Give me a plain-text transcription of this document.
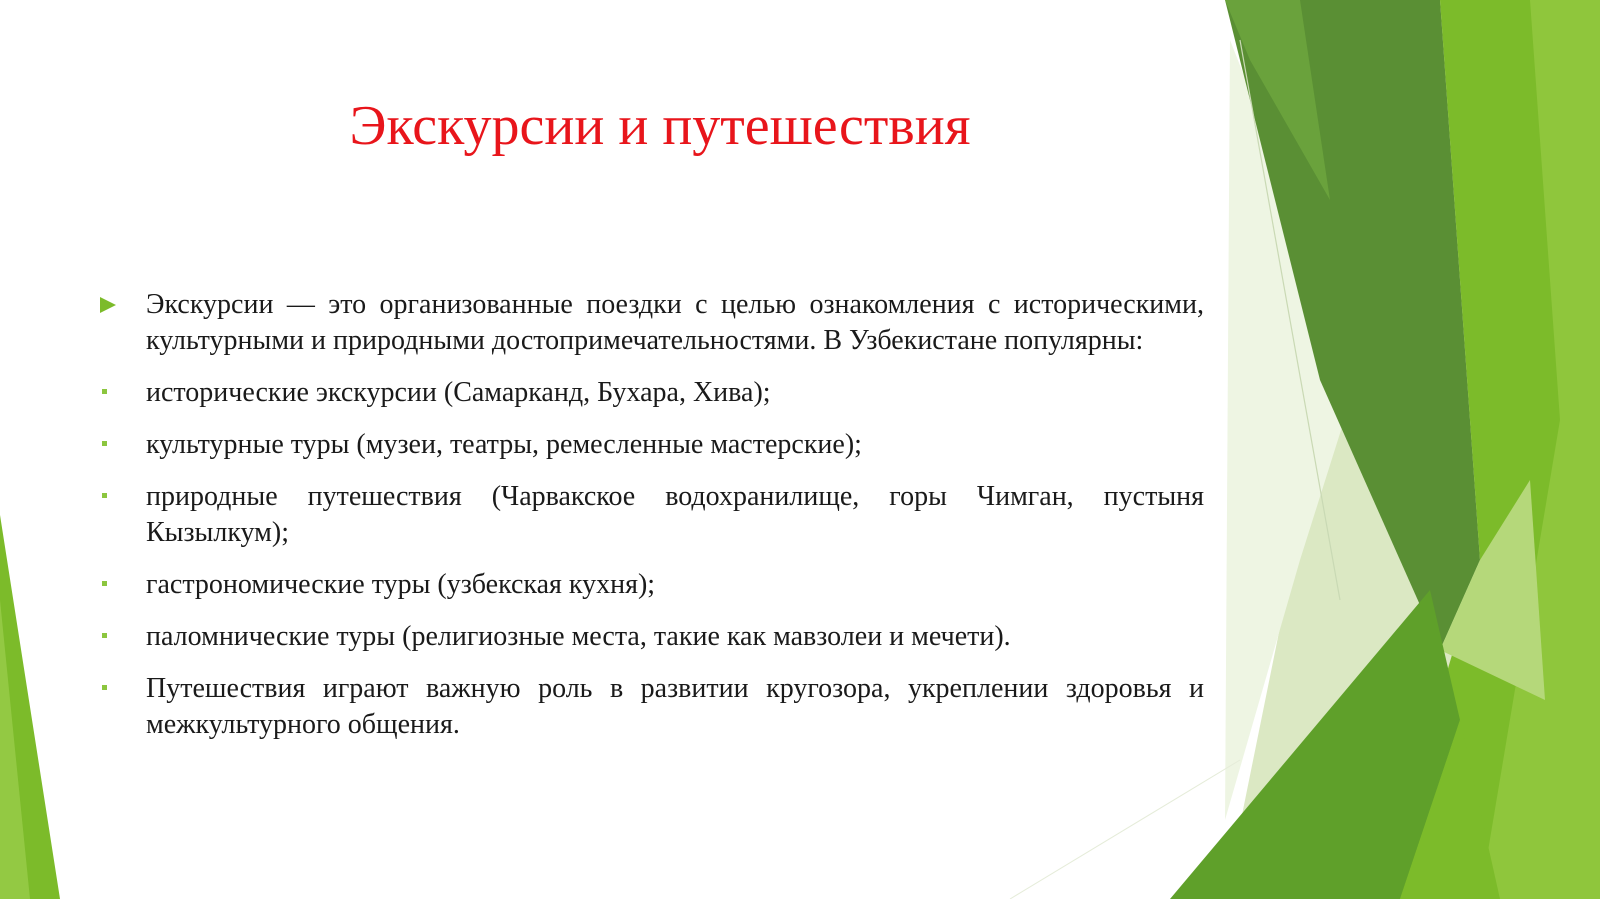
Экскурсии и путешествия
Экскурсии — это организованные поездки с целью ознакомления с историческими, культурными и природными достопримечательностями. В Узбекистане популярны:
исторические экскурсии (Самарканд, Бухара, Хива);
культурные туры (музеи, театры, ремесленные мастерские);
природные путешествия (Чарвакское водохранилище, горы Чимган, пустыня Кызылкум);
гастрономические туры (узбекская кухня);
паломнические туры (религиозные места, такие как мавзолеи и мечети).
Путешествия играют важную роль в развитии кругозора, укреплении здоровья и межкультурного общения.
